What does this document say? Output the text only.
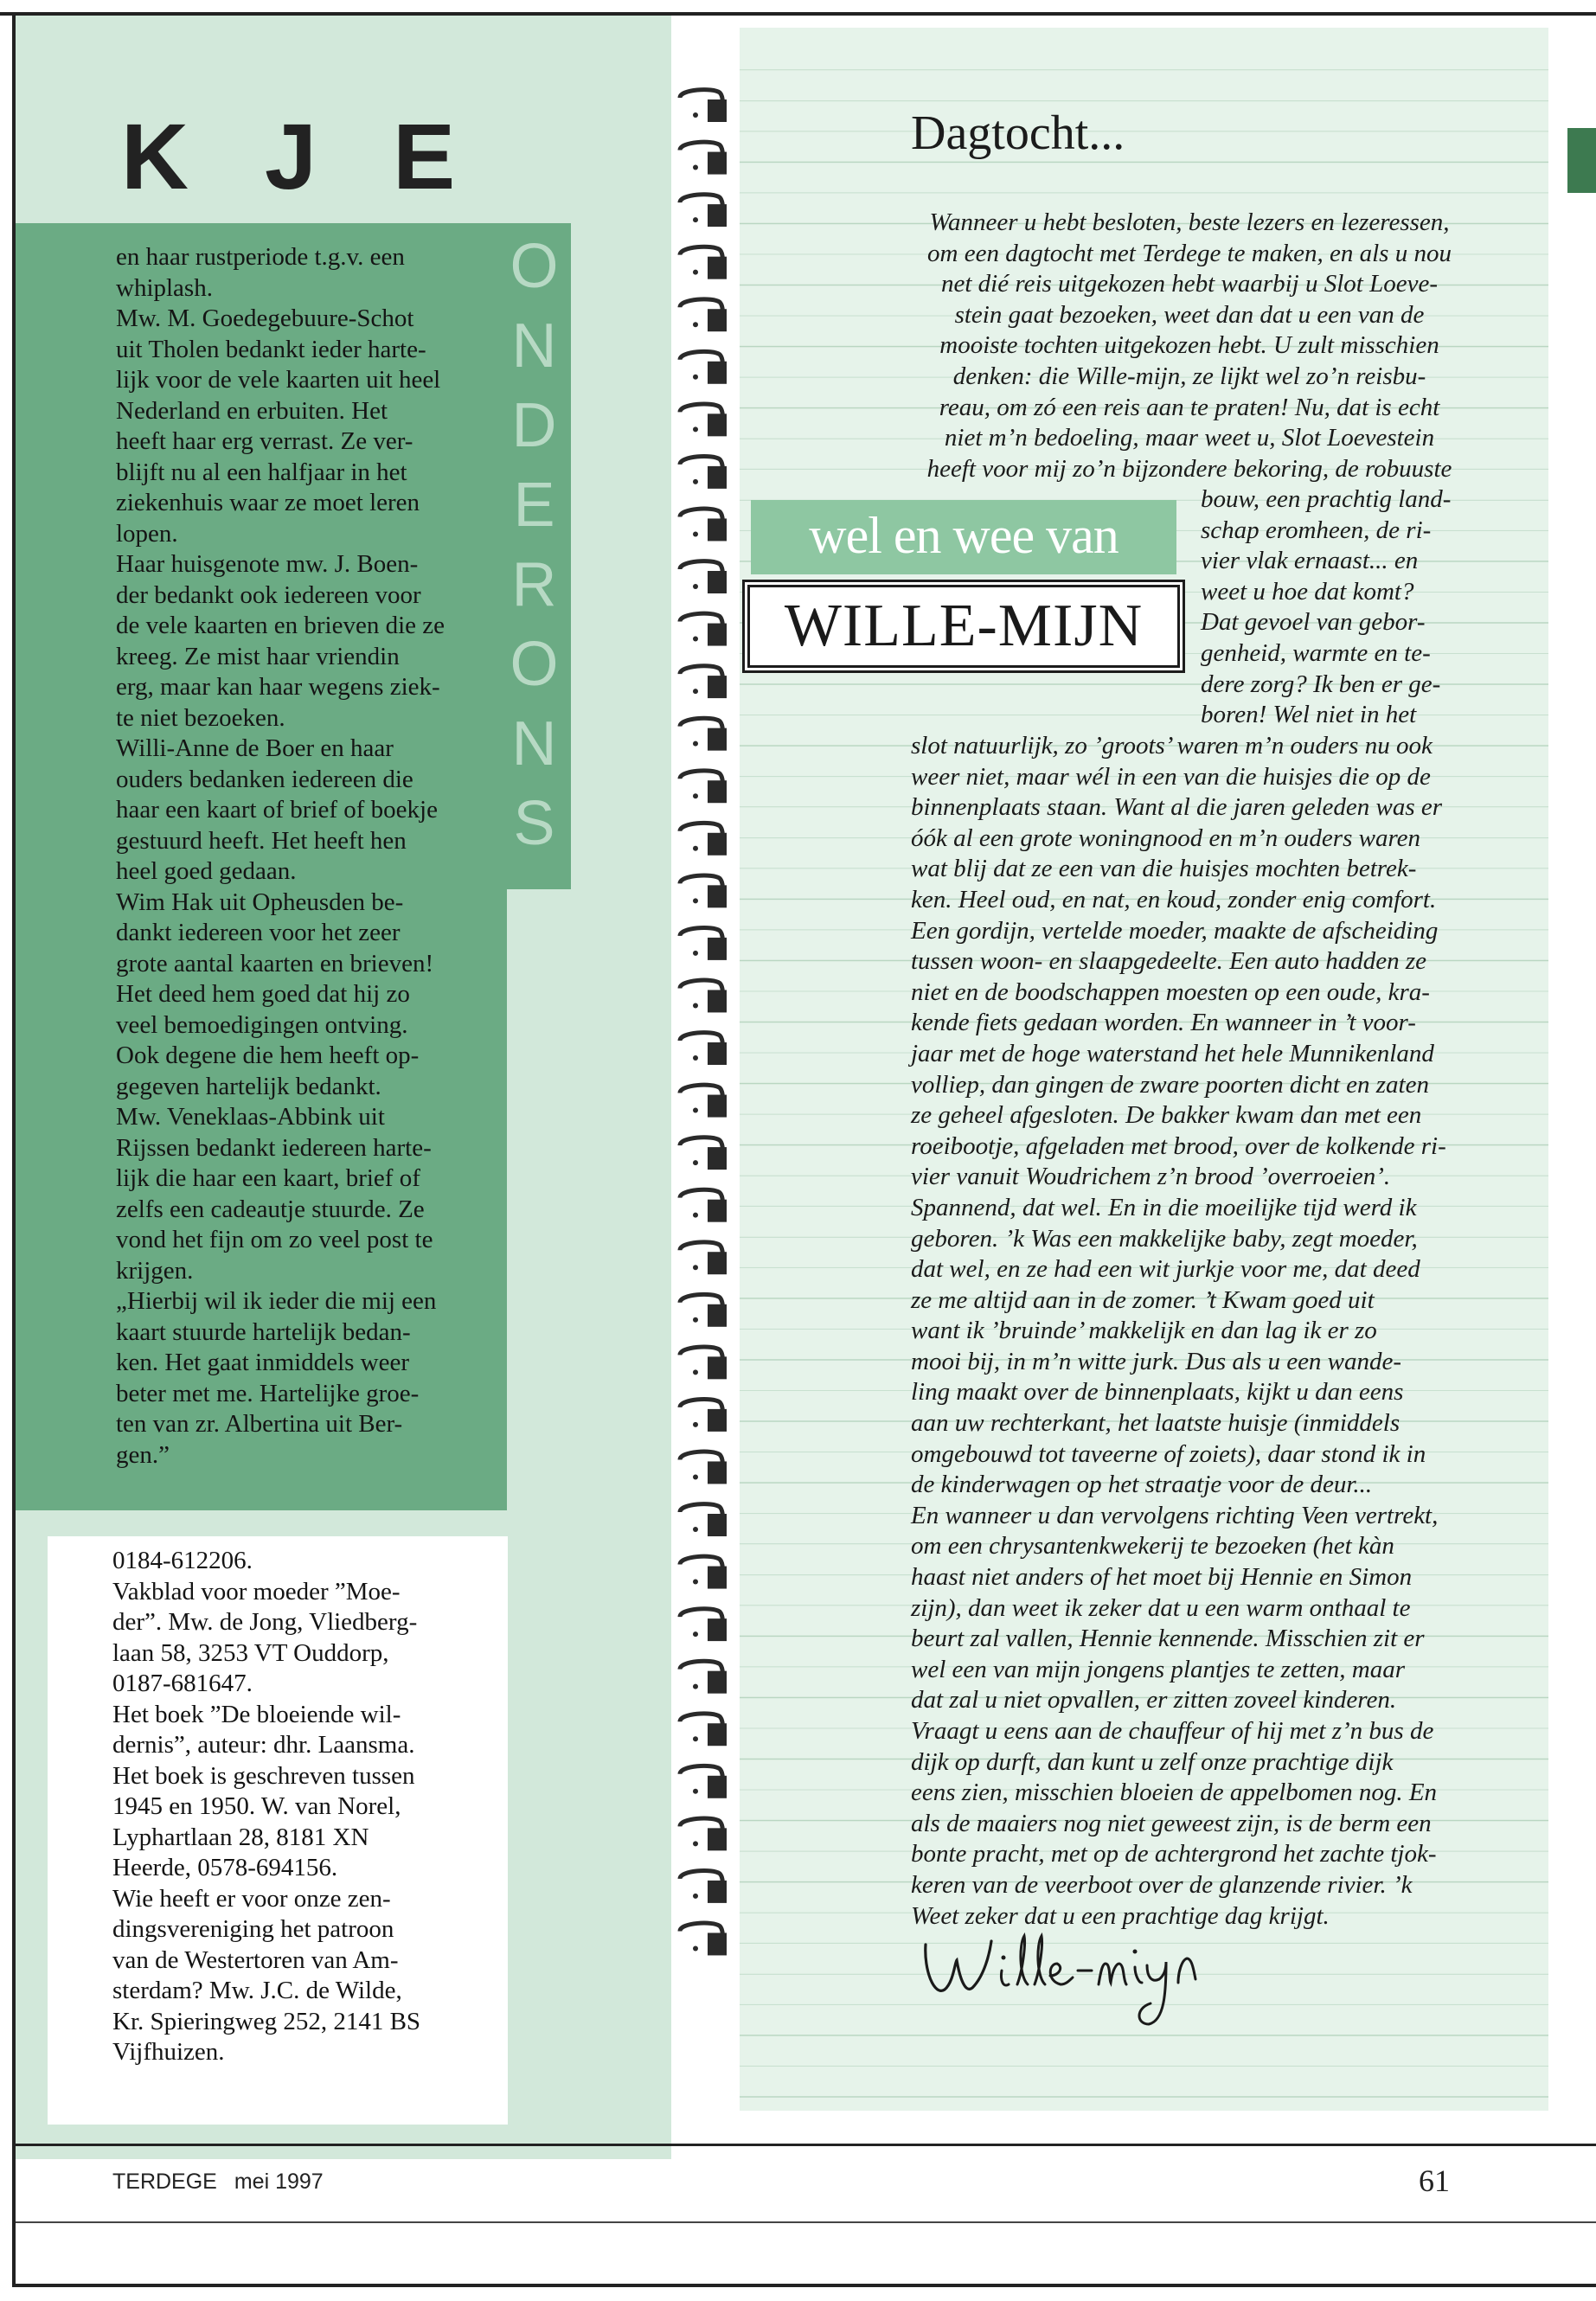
K J E
O
N
D
E
R
O
N
S

en haar rustperiode t.g.v. een

whiplash.

Mw. M. Goedegebuure-Schot

uit Tholen bedankt ieder harte-

lijk voor de vele kaarten uit heel

Nederland en erbuiten. Het

heeft haar erg verrast. Ze ver-

blijft nu al een halfjaar in het

ziekenhuis waar ze moet leren

lopen.

Haar huisgenote mw. J. Boen-

der bedankt ook iedereen voor

de vele kaarten en brieven die ze

kreeg. Ze mist haar vriendin

erg, maar kan haar wegens ziek-

te niet bezoeken.

Willi-Anne de Boer en haar

ouders bedanken iedereen die

haar een kaart of brief of boekje

gestuurd heeft. Het heeft hen

heel goed gedaan.

Wim Hak uit Opheusden be-

dankt iedereen voor het zeer

grote aantal kaarten en brieven!

Het deed hem goed dat hij zo

veel bemoedigingen ontving.

Ook degene die hem heeft op-

gegeven hartelijk bedankt.

Mw. Veneklaas-Abbink uit

Rijssen bedankt iedereen harte-

lijk die haar een kaart, brief of

zelfs een cadeautje stuurde. Ze

vond het fijn om zo veel post te

krijgen.

„Hierbij wil ik ieder die mij een

kaart stuurde hartelijk bedan-

ken. Het gaat inmiddels weer

beter met me. Hartelijke groe-

ten van zr. Albertina uit Ber-

gen.”

0184-612206.

Vakblad voor moeder ”Moe-

der”. Mw. de Jong, Vliedberg-

laan 58, 3253 VT Ouddorp,

0187-681647.

Het boek ”De bloeiende wil-

dernis”, auteur: dhr. Laansma.

Het boek is geschreven tussen

1945 en 1950. W. van Norel,

Lyphartlaan 28, 8181 XN

Heerde, 0578-694156.

Wie heeft er voor onze zen-

dingsvereniging het patroon

van de Westertoren van Am-

sterdam? Mw. J.C. de Wilde,

Kr. Spieringweg 252, 2141 BS

Vijfhuizen.

Dagtocht...

Wanneer u hebt besloten, beste lezers en lezeressen,

om een dagtocht met Terdege te maken, en als u nou

net dié reis uitgekozen hebt waarbij u Slot Loeve-

stein gaat bezoeken, weet dan dat u een van de

mooiste tochten uitgekozen hebt. U zult misschien

denken: die Wille-mijn, ze lijkt wel zo’n reisbu-

reau, om zó een reis aan te praten! Nu, dat is echt

niet m’n bedoeling, maar weet u, Slot Loevestein

heeft voor mij zo’n bijzondere bekoring, de robuuste

wel en wee van
WILLE-MIJN

bouw, een prachtig land-

schap eromheen, de ri-

vier vlak ernaast... en

weet u hoe dat komt?

Dat gevoel van gebor-

genheid, warmte en te-

dere zorg? Ik ben er ge-

boren! Wel niet in het

slot natuurlijk, zo ’groots’ waren m’n ouders nu ook

weer niet, maar wél in een van die huisjes die op de

binnenplaats staan. Want al die jaren geleden was er

óók al een grote woningnood en m’n ouders waren

wat blij dat ze een van die huisjes mochten betrek-

ken. Heel oud, en nat, en koud, zonder enig comfort.

Een gordijn, vertelde moeder, maakte de afscheiding

tussen woon- en slaapgedeelte. Een auto hadden ze

niet en de boodschappen moesten op een oude, kra-

kende fiets gedaan worden. En wanneer in ’t voor-

jaar met de hoge waterstand het hele Munnikenland

volliep, dan gingen de zware poorten dicht en zaten

ze geheel afgesloten. De bakker kwam dan met een

roeibootje, afgeladen met brood, over de kolkende ri-

vier vanuit Woudrichem z’n brood ’overroeien’.

Spannend, dat wel. En in die moeilijke tijd werd ik

geboren. ’k Was een makkelijke baby, zegt moeder,

dat wel, en ze had een wit jurkje voor me, dat deed

ze me altijd aan in de zomer. ’t Kwam goed uit

want ik ’bruinde’ makkelijk en dan lag ik er zo

mooi bij, in m’n witte jurk. Dus als u een wande-

ling maakt over de binnenplaats, kijkt u dan eens

aan uw rechterkant, het laatste huisje (inmiddels

omgebouwd tot taveerne of zoiets), daar stond ik in

de kinderwagen op het straatje voor de deur...

En wanneer u dan vervolgens richting Veen vertrekt,

om een chrysantenkwekerij te bezoeken (het kàn

haast niet anders of het moet bij Hennie en Simon

zijn), dan weet ik zeker dat u een warm onthaal te

beurt zal vallen, Hennie kennende. Misschien zit er

wel een van mijn jongens plantjes te zetten, maar

dat zal u niet opvallen, er zitten zoveel kinderen.

Vraagt u eens aan de chauffeur of hij met z’n bus de

dijk op durft, dan kunt u zelf onze prachtige dijk

eens zien, misschien bloeien de appelbomen nog. En

als de maaiers nog niet geweest zijn, is de berm een

bonte pracht, met op de achtergrond het zachte tjok-

keren van de veerboot over de glanzende rivier. ’k

Weet zeker dat u een prachtige dag krijgt.

TERDEGE mei 1997	61
